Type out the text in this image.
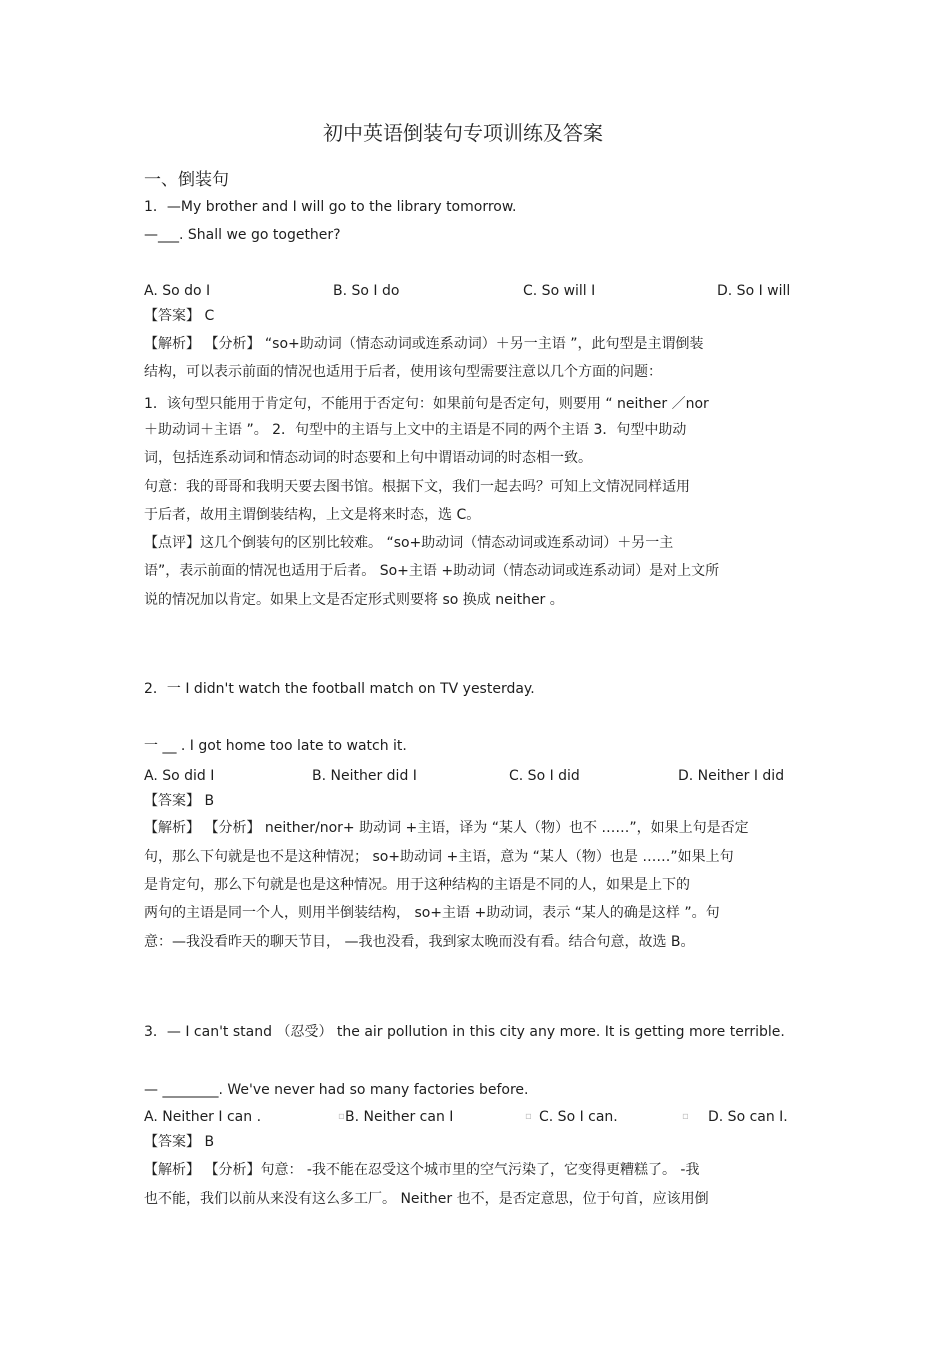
初中英语倒装句专项训练及答案
一、倒装句
1．—My brother and I will go to the library tomorrow.
—___. Shall we go together?
A. So do I	B. So I do	C. So will I	D. So I will
【答案】 C
【解析】 【分析】 “so+助动词（情态动词或连系动词）＋另一主语 ”，此句型是主谓倒装
结构，可以表示前面的情况也适用于后者，使用该句型需要注意以几个方面的问题：
1．该句型只能用于肯定句，不能用于否定句：如果前句是否定句，则要用 “ neither ／nor
＋助动词＋主语 ”。 2．句型中的主语与上文中的主语是不同的两个主语 3．句型中助动
词，包括连系动词和情态动词的时态要和上句中谓语动词的时态相一致。
句意：我的哥哥和我明天要去图书馆。根据下文，我们一起去吗？可知上文情况同样适用
于后者，故用主谓倒装结构，上文是将来时态，选 C。
【点评】这几个倒装句的区别比较难。 “so+助动词（情态动词或连系动词）＋另一主
语”，表示前面的情况也适用于后者。 So+主语 +助动词（情态动词或连系动词）是对上文所
说的情况加以肯定。如果上文是否定形式则要将 so 换成 neither 。
2．一 I didn't watch the football match on TV yesterday.
一 __ . I got home too late to watch it.
A. So did I	B. Neither did I	C. So I did	D. Neither I did
【答案】 B
【解析】 【分析】 neither/nor+ 助动词 +主语，译为 “某人（物）也不 ……”，如果上句是否定
句，那么下句就是也不是这种情况； so+助动词 +主语，意为 “某人（物）也是 ……”如果上句
是肯定句，那么下句就是也是这种情况。用于这种结构的主语是不同的人，如果是上下的
两句的主语是同一个人，则用半倒装结构， so+主语 +助动词，表示 “某人的确是这样 ”。句
意：—我没看昨天的聊天节目， —我也没看，我到家太晚而没有看。结合句意，故选 B。
3．— I can't stand （忍受） the air pollution in this city any more. It is getting more terrible.
— ________. We've never had so many factories before.
A. Neither I can .	▫ B. Neither can I	▫ C. So I can.	▫ D. So can I.
【答案】 B
【解析】 【分析】句意： -我不能在忍受这个城市里的空气污染了，它变得更糟糕了。 -我
也不能，我们以前从来没有这么多工厂。 Neither 也不，是否定意思，位于句首，应该用倒
